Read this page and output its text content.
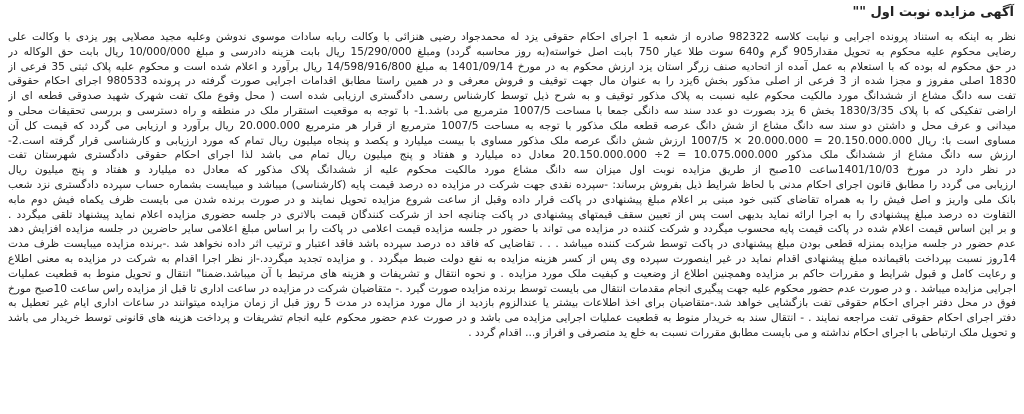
آگهی مزایده نوبت اول ""
نظر به اینکه به استناد پرونده اجرایی و نیابت کلاسه 982322 صادره از شعبه 1 اجرای احکام حقوقی یزد له محمدجواد رضیی هنزائی با وکالت ربابه سادات موسوی ندوشن وعلیه مجید مصلایی پور یزدی با وکالت علی
رضایی محکوم علیه محکوم به تحویل مقدار905 گرم و640 سوت طلا عیار 750 بابت اصل خواسته(به روز محاسبه گردد) ومبلغ 15/290/000 ریال بابت هزینه دادرسی و مبلغ 10/000/000 ریال بابت حق الوکاله در
در حق محکوم له بوده که با استعلام به عمل آمده از اتحادیه صنف زرگر استان یزد ارزش محکوم به در مورخ 1401/09/14 به مبلغ 14/598/916/800 ریال برآورد و اعلام شده است و محکوم علیه پلاک ثبتی 35 فرعی از
1830 اصلی مفروز و مجزا شده از 3 فرعی از اصلی مذکور بخش 6یزد را به عنوان مال جهت توقیف و فروش معرفی و در همین راستا مطابق اقدامات اجرایی صورت گرفته در پرونده 980533 اجرای احکام حقوقی
تفت سه دانگ مشاع از ششدانگ مورد مالکیت محکوم علیه نسبت به پلاک مذکور توقیف و به شرح ذیل توسط کارشناس رسمی دادگستری ارزیابی شده است ( محل وقوع ملک تفت شهرک شهید صدوقی قطعه ای از
اراضی تفکیکی که با پلاک 1830/3/35 بخش 6 یزد بصورت دو عدد سند سه دانگی جمعا با مساحت 1007/5 مترمربع می باشد.1- با توجه به موقعیت استقرار ملک در منطقه و راه دسترسی و بررسی تحقیقات محلی و
میدانی و عرف محل و داشتن دو سند سه دانگ مشاع از شش دانگ عرصه قطعه ملک مذکور با توجه به مساحت 1007/5 مترمربع از قرار هر مترمربع 20.000.000 ریال برآورد و ارزیابی می گردد که قیمت کل آن
مساوی است با: ریال 20.150.000.000 = 20.000.000 × 1007/5 ارزش شش دانگ عرصه ملک مذکور مساوی با بیست میلیارد و یکصد و پنجاه میلیون ریال تمام که مورد ارزیابی و کارشناسی قرار گرفته است.2-
ارزش سه دانگ مشاع از ششدانگ ملک مذکور 10.075.000.000 = 2÷ 20.150.000.000 معادل ده میلیارد و هفتاد و پنج میلیون ریال تمام می باشد لذا اجرای احکام حقوقی دادگستری شهرستان تفت
در نظر دارد در مورخ 1401/10/03ساعت 10صبح از طریق مزایده نوبت اول میزان سه دانگ مشاع مورد مالکیت محکوم علیه از ششدانگ پلاک مذکور که معادل ده میلیارد و هفتاد و پنج میلیون ریال
ارزیابی می گردد را مطابق قانون اجرای احکام مدنی با لحاظ شرایط ذیل بفروش برساند: -سپرده نقدی جهت شرکت در مزایده ده درصد قیمت پایه (کارشناسی) میباشد و میبایست بشماره حساب سپرده دادگستری نزد شعب
بانک ملی واریز و اصل فیش را به همراه تقاضای کتبی خود مبنی بر اعلام مبلغ پیشنهادی در پاکت قرار داده وقبل از ساعت شروع مزایده تحویل نمایند و در صورت برنده شدن می بایست ظرف یکماه فیش دوم مابه
التفاوت ده درصد مبلغ پیشنهادی را به اجرا ارائه نماید بدیهی است پس از تعیین سقف قیمتهای پیشنهادی در پاکت چنانچه احد از شرکت کنندگان قیمت بالاتری در جلسه حضوری مزایده اعلام نماید پیشنهاد تلقی میگردد .
و بر این اساس قیمت اعلام شده در پاکت قیمت پایه محسوب میگردد و شرکت کننده در مزایده می تواند با حضور در جلسه مزایده قیمت اعلامی در پاکت را بر اساس مبلغ اعلامی سایر حاضرین در جلسه مزایده افزایش دهد
عدم حضور در جلسه مزایده بمنزله قطعی بودن مبلغ پیشنهادی در پاکت توسط شرکت کننده میباشد . . . تقاضایی که فاقد ده درصد سپرده باشد فاقد اعتبار و ترتیب اثر داده نخواهد شد .-برنده مزایده میبایست ظرف مدت
14روز نسبت بپرداخت باقیمانده مبلغ پیشنهادی اقدام نماید در غیر اینصورت سپرده وی پس از کسر هزینه مزایده به نفع دولت ضبط میگردد . و مزایده تجدید میگردد.-از نظر اجرا اقدام به شرکت در مزایده به معنی اطلاع
و رعایت کامل و قبول شرایط و مقررات حاکم بر مزایده وهمچنین اطلاع از وضعیت و کیفیت ملک مورد مزایده . و نحوه انتقال و تشریفات و هزینه های مرتبط با آن میباشد.ضمنا" انتقال و تحویل منوط به قطعیت عملیات
اجرایی مزایده میباشد . و در صورت عدم حضور محکوم علیه جهت پیگیری انجام مقدمات انتقال می بایست توسط برنده مزایده صورت گیرد .- متقاضیان شرکت در مزایده در ساعت اداری تا قبل از مزایده راس ساعت 10صبح مورخ
فوق در محل دفتر اجرای احکام حقوقی تفت بازگشایی خواهد شد.-متقاضیان برای اخذ اطلاعات بیشتر یا عندالزوم بازدید از مال مورد مزایده در مدت 5 روز قبل از زمان مزایده میتوانند در ساعات اداری ایام غیر تعطیل به
دفتر اجرای احکام حقوقی تفت مراجعه نمایند . - انتقال سند به خریدار منوط به قطعیت عملیات اجرایی مزایده می باشد و در صورت عدم حضور محکوم علیه انجام تشریفات و پرداخت هزینه های قانونی توسط خریدار می باشد
و تحویل ملک ارتباطی با اجرای احکام نداشته و می بایست مطابق مقررات نسبت به خلع ید متصرفی و افراز و... اقدام گردد .
